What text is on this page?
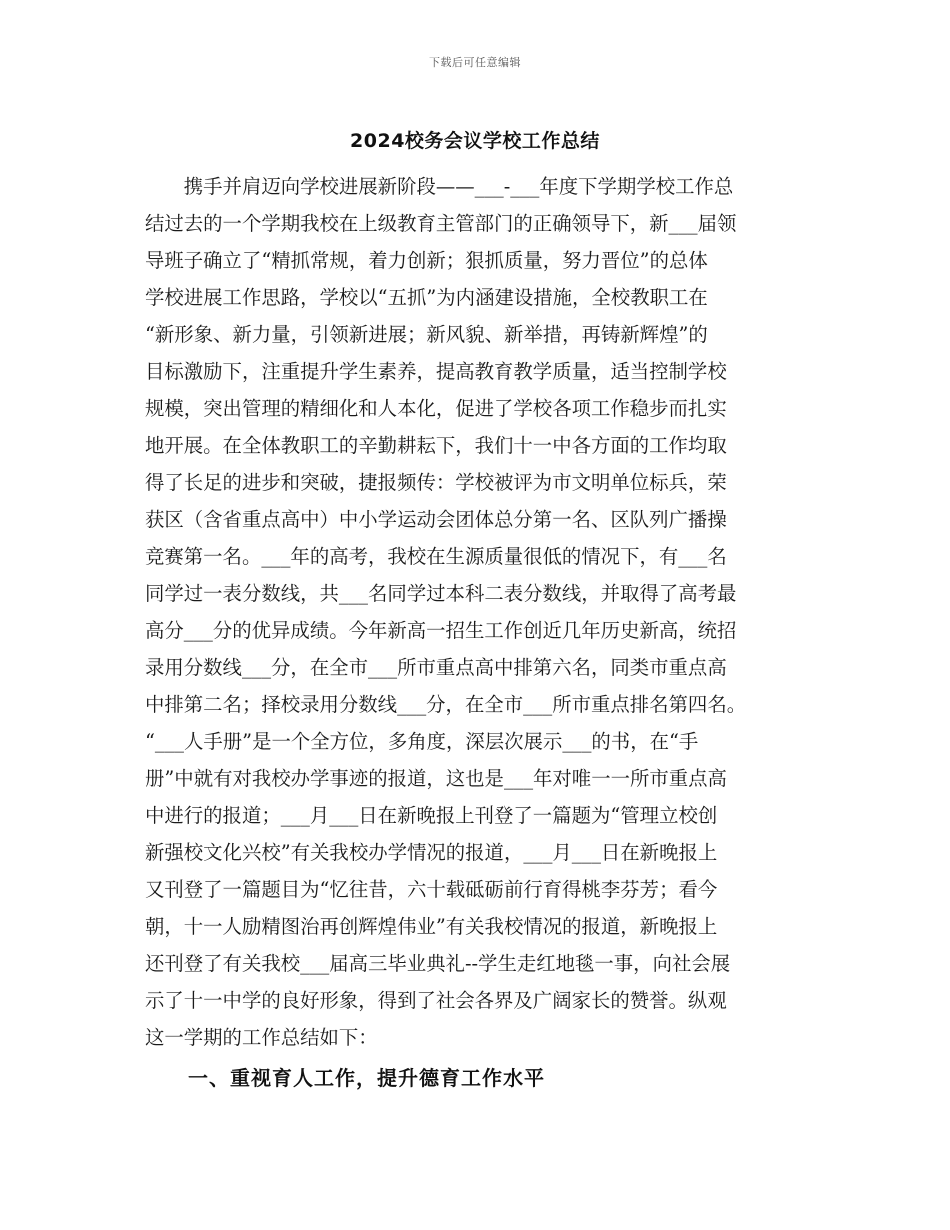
下载后可任意编辑
2024校务会议学校工作总结
　　携手并肩迈向学校进展新阶段——___-___年度下学期学校工作总
结过去的一个学期我校在上级教育主管部门的正确领导下，新___届领
导班子确立了“精抓常规，着力创新；狠抓质量，努力晋位”的总体
学校进展工作思路，学校以“五抓”为内涵建设措施，全校教职工在
“新形象、新力量，引领新进展；新风貌、新举措，再铸新辉煌”的
目标激励下，注重提升学生素养，提高教育教学质量，适当控制学校
规模，突出管理的精细化和人本化，促进了学校各项工作稳步而扎实
地开展。在全体教职工的辛勤耕耘下，我们十一中各方面的工作均取
得了长足的进步和突破，捷报频传：学校被评为市文明单位标兵，荣
获区（含省重点高中）中小学运动会团体总分第一名、区队列广播操
竞赛第一名。___年的高考，我校在生源质量很低的情况下，有___名
同学过一表分数线，共___名同学过本科二表分数线，并取得了高考最
高分___分的优异成绩。今年新高一招生工作创近几年历史新高，统招
录用分数线___分，在全市___所市重点高中排第六名，同类市重点高
中排第二名；择校录用分数线___分，在全市___所市重点排名第四名。
“___人手册”是一个全方位，多角度，深层次展示___的书，在“手
册”中就有对我校办学事迹的报道，这也是___年对唯一一所市重点高
中进行的报道；___月___日在新晚报上刊登了一篇题为“管理立校创
新强校文化兴校”有关我校办学情况的报道，___月___日在新晚报上
又刊登了一篇题目为“忆往昔，六十载砥砺前行育得桃李芬芳；看今
朝，十一人励精图治再创辉煌伟业”有关我校情况的报道，新晚报上
还刊登了有关我校___届高三毕业典礼--学生走红地毯一事，向社会展
示了十一中学的良好形象，得到了社会各界及广阔家长的赞誉。纵观
这一学期的工作总结如下：
一、重视育人工作，提升德育工作水平
